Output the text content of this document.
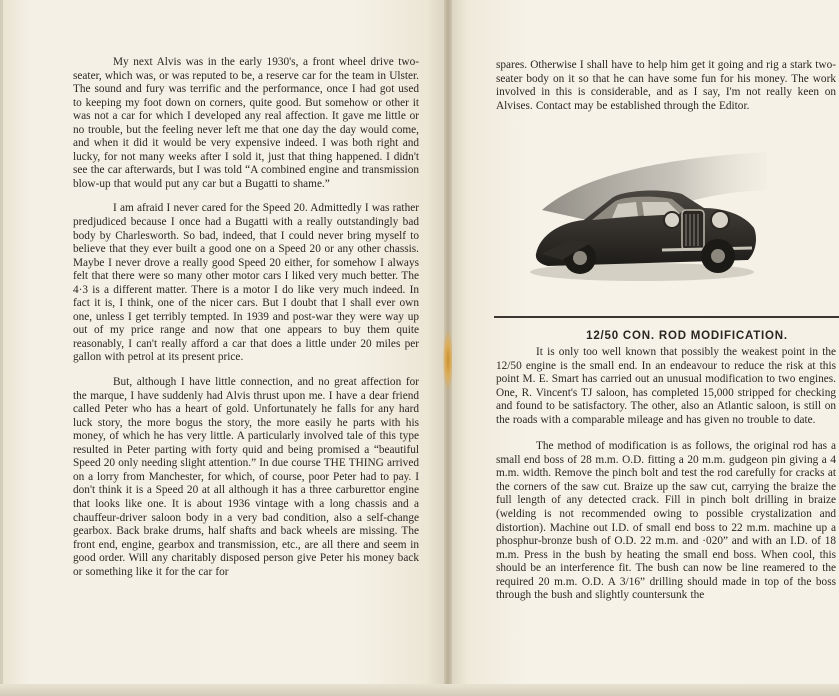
My next Alvis was in the early 1930's, a front wheel drive two-seater, which was, or was reputed to be, a reserve car for the team in Ulster. The sound and fury was terrific and the performance, once I had got used to keeping my foot down on corners, quite good. But somehow or other it was not a car for which I developed any real affection. It gave me little or no trouble, but the feeling never left me that one day the day would come, and when it did it would be very expensive indeed. I was both right and lucky, for not many weeks after I sold it, just that thing happened. I didn't see the car afterwards, but I was told “A combined engine and transmission blow-up that would put any car but a Bugatti to shame.”

I am afraid I never cared for the Speed 20. Admittedly I was rather predjudiced because I once had a Bugatti with a really outstandingly bad body by Charlesworth. So bad, indeed, that I could never bring myself to believe that they ever built a good one on a Speed 20 or any other chassis. Maybe I never drove a really good Speed 20 either, for somehow I always felt that there were so many other motor cars I liked very much better. The 4·3 is a different matter. There is a motor I do like very much indeed. In fact it is, I think, one of the nicer cars. But I doubt that I shall ever own one, unless I get terribly tempted. In 1939 and post-war they were way up out of my price range and now that one appears to buy them quite reasonably, I can't really afford a car that does a little under 20 miles per gallon with petrol at its present price.

But, although I have little connection, and no great affection for the marque, I have suddenly had Alvis thrust upon me. I have a dear friend called Peter who has a heart of gold. Unfortunately he falls for any hard luck story, the more bogus the story, the more easily he parts with his money, of which he has very little. A particularly involved tale of this type resulted in Peter parting with forty quid and being promised a “beautiful Speed 20 only needing slight attention.” In due course THE THING arrived on a lorry from Manchester, for which, of course, poor Peter had to pay. I don't think it is a Speed 20 at all although it has a three carburettor engine that looks like one. It is about 1936 vintage with a long chassis and a chauffeur-driver saloon body in a very bad condition, also a self-change gearbox. Back brake drums, half shafts and back wheels are missing. The front end, engine, gearbox and transmission, etc., are all there and seem in good order. Will any charitably disposed person give Peter his money back or something like it for the car for

spares. Otherwise I shall have to help him get it going and rig a stark two-seater body on it so that he can have some fun for his money. The work involved in this is considerable, and as I say, I'm not really keen on Alvises. Contact may be established through the Editor.

12/50 CON. ROD MODIFICATION.

It is only too well known that possibly the weakest point in the 12/50 engine is the small end. In an endeavour to reduce the risk at this point M. E. Smart has carried out an unusual modification to two engines. One, R. Vincent's TJ saloon, has completed 15,000 stripped for checking and found to be satisfactory. The other, also an Atlantic saloon, is still on the roads with a comparable mileage and has given no trouble to date.

The method of modification is as follows, the original rod has a small end boss of 28 m.m. O.D. fitting a 20 m.m. gudgeon pin giving a 4 m.m. width. Remove the pinch bolt and test the rod carefully for cracks at the corners of the saw cut. Braize up the saw cut, carrying the braize the full length of any detected crack. Fill in pinch bolt drilling in braize (welding is not recommended owing to possible crystalization and distortion). Machine out I.D. of small end boss to 22 m.m. machine up a phosphur-bronze bush of O.D. 22 m.m. and ·020” and with an I.D. of 18 m.m. Press in the bush by heating the small end boss. When cool, this should be an interference fit. The bush can now be line reamered to the required 20 m.m. O.D. A 3/16” drilling should made in top of the boss through the bush and slightly countersunk the
